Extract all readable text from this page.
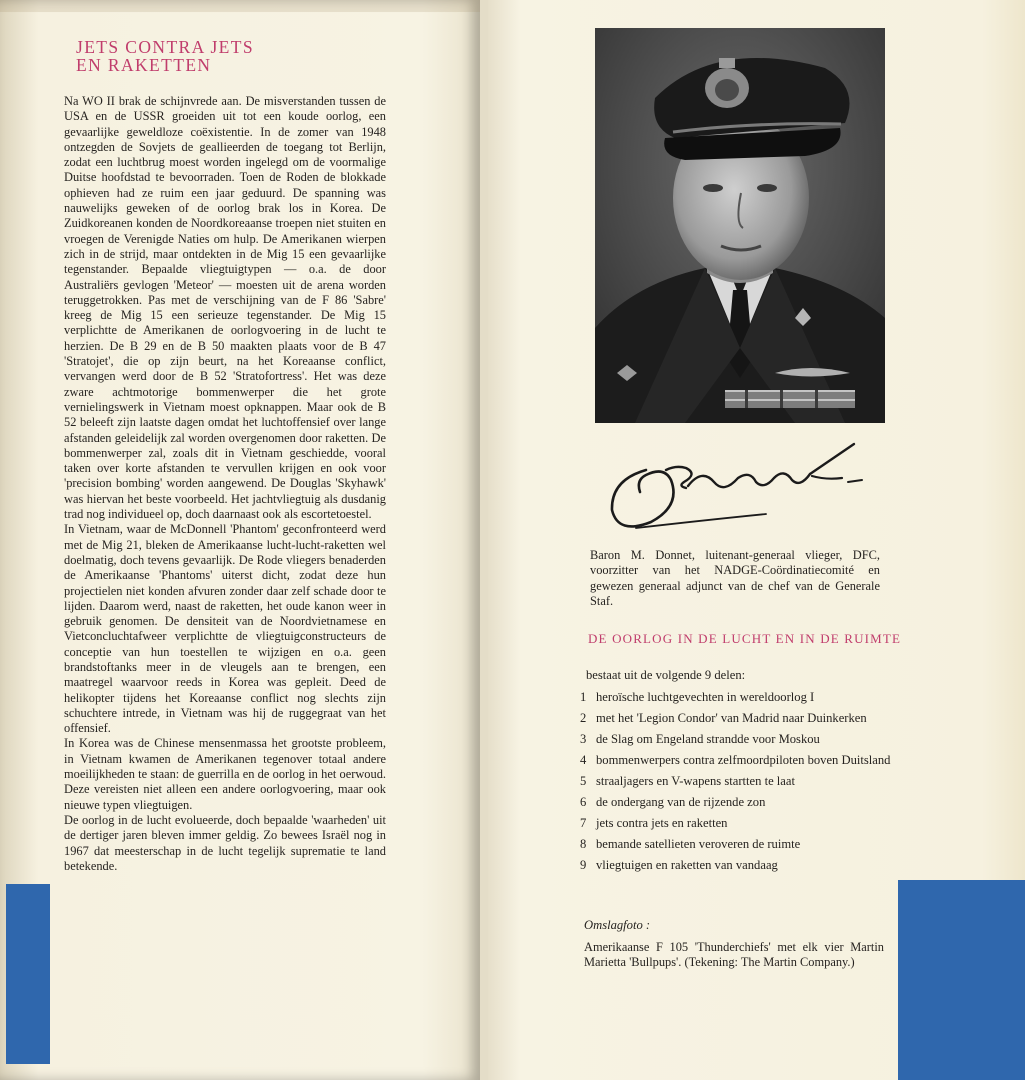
JETS CONTRA JETS
EN RAKETTEN

Na WO II brak de schijnvrede aan. De misverstanden tussen de USA en de USSR groeiden uit tot een koude oorlog, een gevaarlijke geweldloze coëxistentie. In de zomer van 1948 ontzegden de Sovjets de geallieerden de toegang tot Berlijn, zodat een luchtbrug moest worden ingelegd om de voormalige Duitse hoofdstad te bevoorraden. Toen de Roden de blokkade ophieven had ze ruim een jaar geduurd. De spanning was nauwelijks geweken of de oorlog brak los in Korea. De Zuidkoreanen konden de Noordkoreaanse troepen niet stuiten en vroegen de Verenigde Naties om hulp. De Amerikanen wierpen zich in de strijd, maar ontdekten in de Mig 15 een gevaarlijke tegenstander. Bepaalde vliegtuigtypen — o.a. de door Australiërs gevlogen 'Meteor' — moesten uit de arena worden teruggetrokken. Pas met de verschijning van de F 86 'Sabre' kreeg de Mig 15 een serieuze tegenstander. De Mig 15 verplichtte de Amerikanen de oorlogvoering in de lucht te herzien. De B 29 en de B 50 maakten plaats voor de B 47 'Stratojet', die op zijn beurt, na het Koreaanse conflict, vervangen werd door de B 52 'Stratofortress'. Het was deze zware achtmotorige bommenwerper die het grote vernielingswerk in Vietnam moest opknappen. Maar ook de B 52 beleeft zijn laatste dagen omdat het luchtoffensief over lange afstanden geleidelijk zal worden overgenomen door raketten. De bommenwerper zal, zoals dit in Vietnam geschiedde, vooral taken over korte afstanden te vervullen krijgen en ook voor 'precision bombing' worden aangewend. De Douglas 'Skyhawk' was hiervan het beste voorbeeld. Het jachtvliegtuig als dusdanig trad nog individueel op, doch daarnaast ook als escortetoestel.

In Vietnam, waar de McDonnell 'Phantom' geconfronteerd werd met de Mig 21, bleken de Amerikaanse lucht-lucht-raketten wel doelmatig, doch tevens gevaarlijk. De Rode vliegers benaderden de Amerikaanse 'Phantoms' uiterst dicht, zodat deze hun projectielen niet konden afvuren zonder daar zelf schade door te lijden. Daarom werd, naast de raketten, het oude kanon weer in gebruik genomen. De densiteit van de Noordvietnamese en Vietconcluchtafweer verplichtte de vliegtuigconstructeurs de conceptie van hun toestellen te wijzigen en o.a. geen brandstoftanks meer in de vleugels aan te brengen, een maatregel waarvoor reeds in Korea was gepleit. Deed de helikopter tijdens het Koreaanse conflict nog slechts zijn schuchtere intrede, in Vietnam was hij de ruggegraat van het offensief.

In Korea was de Chinese mensenmassa het grootste probleem, in Vietnam kwamen de Amerikanen tegenover totaal andere moeilijkheden te staan: de guerrilla en de oorlog in het oerwoud. Deze vereisten niet alleen een andere oorlogvoering, maar ook nieuwe typen vliegtuigen.

De oorlog in de lucht evolueerde, doch bepaalde 'waarheden' uit de dertiger jaren bleven immer geldig. Zo bewees Israël nog in 1967 dat meesterschap in de lucht tegelijk suprematie te land betekende.

Baron M. Donnet, luitenant-generaal vlieger, DFC, voorzitter van het NADGE-Coördinatiecomité en gewezen generaal adjunct van de chef van de Generale Staf.

DE OORLOG IN DE LUCHT EN IN DE RUIMTE

bestaat uit de volgende 9 delen:

1 heroïsche luchtgevechten in wereldoorlog I
2 met het 'Legion Condor' van Madrid naar Duinkerken
3 de Slag om Engeland strandde voor Moskou
4 bommenwerpers contra zelfmoordpiloten boven Duitsland
5 straaljagers en V-wapens startten te laat
6 de ondergang van de rijzende zon
7 jets contra jets en raketten
8 bemande satellieten veroveren de ruimte
9 vliegtuigen en raketten van vandaag

Omslagfoto :

Amerikaanse F 105 'Thunderchiefs' met elk vier Martin Marietta 'Bullpups'. (Tekening: The Martin Company.)
